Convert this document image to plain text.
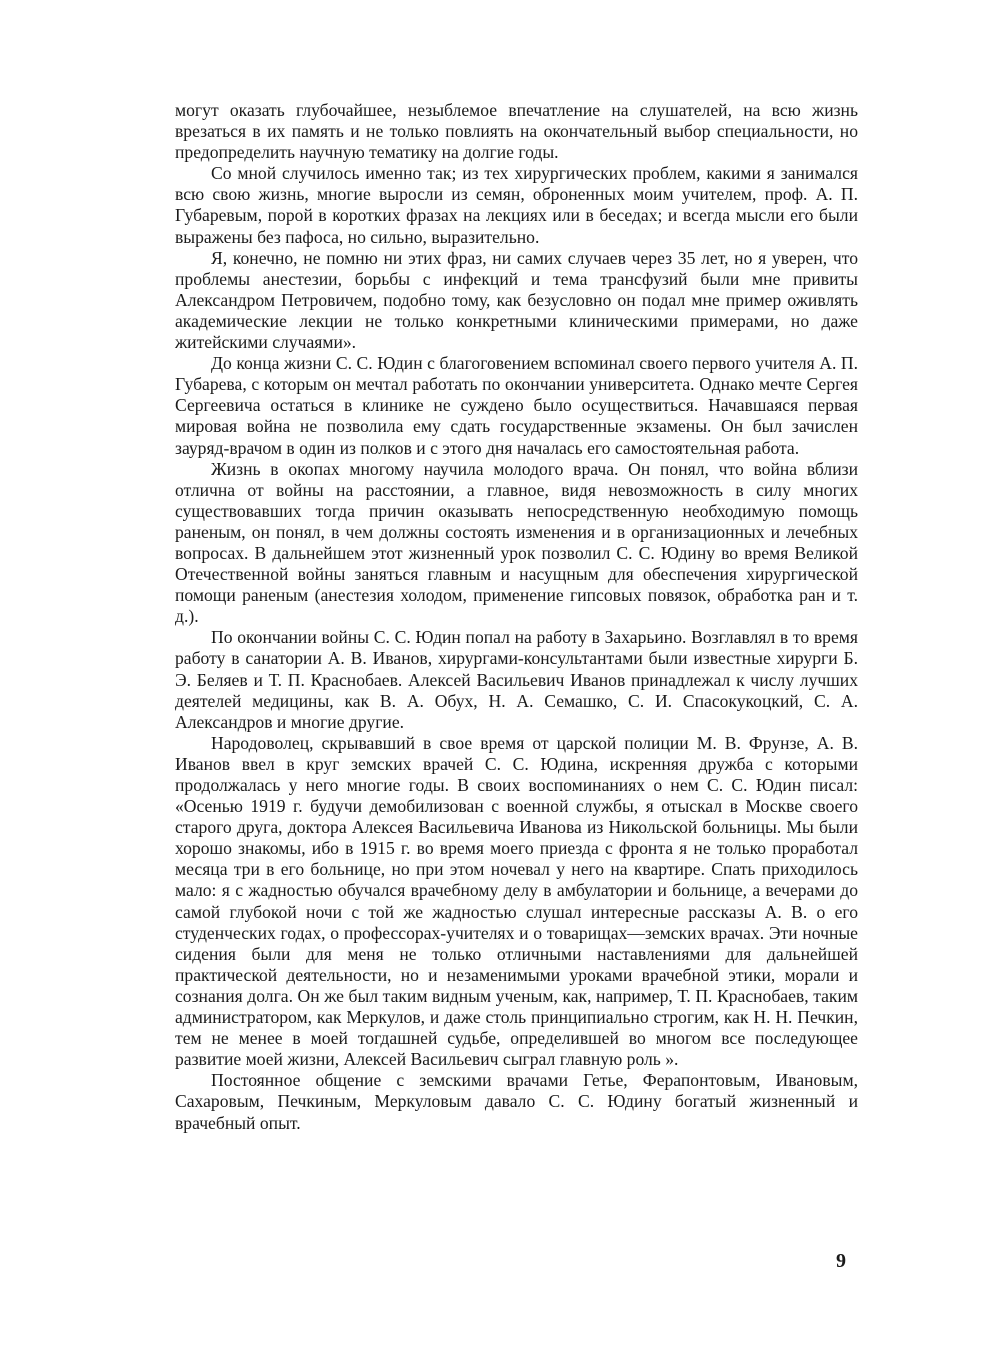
могут оказать глубочайшее, незыблемое впечатление на слушателей, на всю жизнь врезаться в их память и не только повлиять на окончательный выбор специальности, но предопределить научную тематику на долгие годы.

Со мной случилось именно так; из тех хирургических проблем, какими я занимался всю свою жизнь, многие выросли из семян, оброненных моим учителем, проф. А. П. Губаревым, порой в коротких фразах на лекциях или в беседах; и всегда мысли его были выражены без пафоса, но сильно, выразительно.

Я, конечно, не помню ни этих фраз, ни самих случаев через 35 лет, но я уверен, что проблемы анестезии, борьбы с инфекций и тема трансфузий были мне привиты Александром Петровичем, подобно тому, как безусловно он подал мне пример оживлять академические лекции не только конкретными клиническими примерами, но даже житейскими случаями».

До конца жизни С. С. Юдин с благоговением вспоминал своего первого учителя А. П. Губарева, с которым он мечтал работать по окончании университета. Однако мечте Сергея Сергеевича остаться в клинике не суждено было осуществиться. Начавшаяся первая мировая война не позволила ему сдать государственные экзамены. Он был зачислен зауряд-врачом в один из полков и с этого дня началась его самостоятельная работа.

Жизнь в окопах многому научила молодого врача. Он понял, что война вблизи отлична от войны на расстоянии, а главное, видя невозможность в силу многих существовавших тогда причин оказывать непосредственную необходимую помощь раненым, он понял, в чем должны состоять изменения и в организационных и лечебных вопросах. В дальнейшем этот жизненный урок позволил С. С. Юдину во время Великой Отечественной войны заняться главным и насущным для обеспечения хирургической помощи раненым (анестезия холодом, применение гипсовых повязок, обработка ран и т. д.).

По окончании войны С. С. Юдин попал на работу в Захарьино. Возглавлял в то время работу в санатории А. В. Иванов, хирургами-консультантами были известные хирурги Б. Э. Беляев и Т. П. Краснобаев. Алексей Васильевич Иванов принадлежал к числу лучших деятелей медицины, как В. А. Обух, Н. А. Семашко, С. И. Спасокукоцкий, С. А. Александров и многие другие.

Народоволец, скрывавший в свое время от царской полиции М. В. Фрунзе, А. В. Иванов ввел в круг земских врачей С. С. Юдина, искренняя дружба с которыми продолжалась у него многие годы. В своих воспоминаниях о нем С. С. Юдин писал: «Осенью 1919 г. будучи демобилизован с военной службы, я отыскал в Москве своего старого друга, доктора Алексея Васильевича Иванова из Никольской больницы. Мы были хорошо знакомы, ибо в 1915 г. во время моего приезда с фронта я не только проработал месяца три в его больнице, но при этом ночевал у него на квартире. Спать приходилось мало: я с жадностью обучался врачебному делу в амбулатории и больнице, а вечерами до самой глубокой ночи с той же жадностью слушал интересные рассказы А. В. о его студенческих годах, о профессорах-учителях и о товарищах—земских врачах. Эти ночные сидения были для меня не только отличными наставлениями для дальнейшей практической деятельности, но и незаменимыми уроками врачебной этики, морали и сознания долга. Он же был таким видным ученым, как, например, Т. П. Краснобаев, таким администратором, как Меркулов, и даже столь принципиально строгим, как Н. Н. Печкин, тем не менее в моей тогдашней судьбе, определившей во многом все последующее развитие моей жизни, Алексей Васильевич сыграл главную роль ».

Постоянное общение с земскими врачами Гетье, Ферапонтовым, Ивановым, Сахаровым, Печкиным, Меркуловым давало С. С. Юдину богатый жизненный и врачебный опыт.

9
